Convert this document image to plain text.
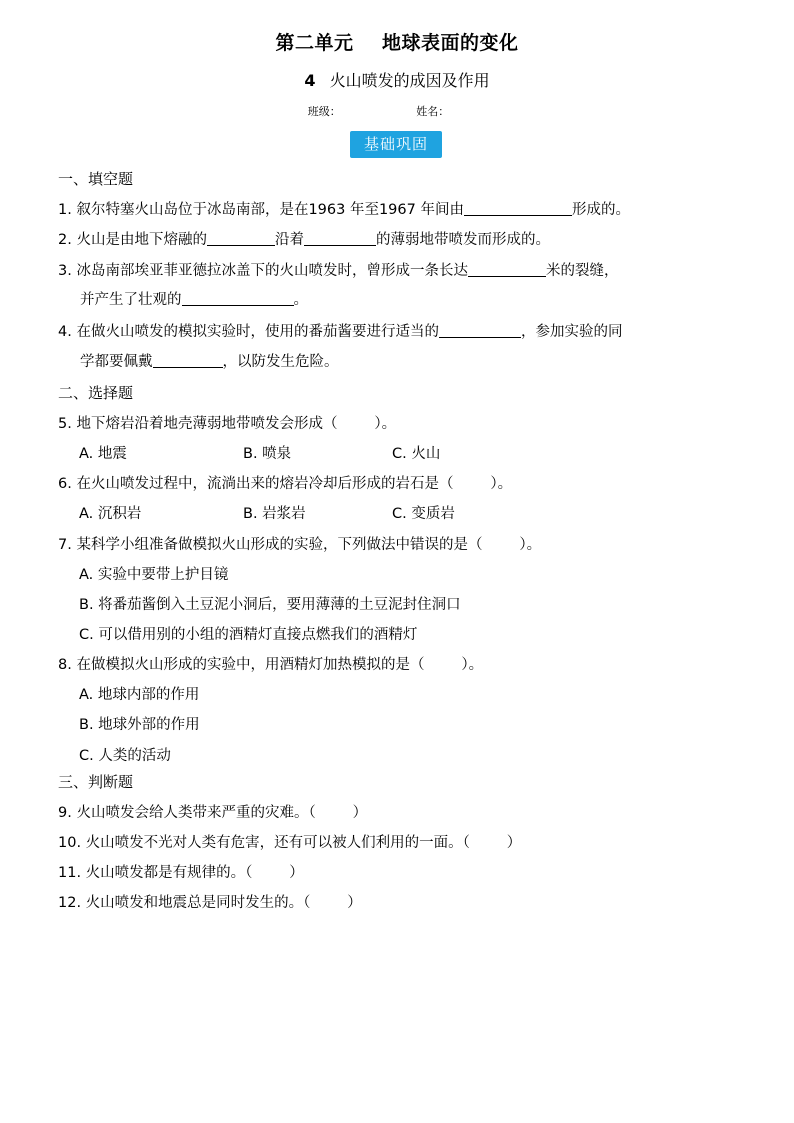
第二单元    地球表面的变化
4 火山喷发的成因及作用
班级：	姓名：
基础巩固
一、填空题
1. 叙尔特塞火山岛位于冰岛南部，是在1963 年至1967 年间由	形成的。
2. 火山是由地下熔融的	沿着	的薄弱地带喷发而形成的。
3. 冰岛南部埃亚菲亚德拉冰盖下的火山喷发时，曾形成一条长达	米的裂缝，
并产生了壮观的	。
4. 在做火山喷发的模拟实验时，使用的番茄酱要进行适当的	，参加实验的同
学都要佩戴	，以防发生危险。
二、选择题
5. 地下熔岩沿着地壳薄弱地带喷发会形成（        ）。
A. 地震	B. 喷泉	C. 火山
6. 在火山喷发过程中，流淌出来的熔岩冷却后形成的岩石是（        ）。
A. 沉积岩	B. 岩浆岩	C. 变质岩
7. 某科学小组准备做模拟火山形成的实验，下列做法中错误的是（        ）。
A. 实验中要带上护目镜
B. 将番茄酱倒入土豆泥小洞后，要用薄薄的土豆泥封住洞口
C. 可以借用别的小组的酒精灯直接点燃我们的酒精灯
8. 在做模拟火山形成的实验中，用酒精灯加热模拟的是（        ）。
A. 地球内部的作用
B. 地球外部的作用
C. 人类的活动
三、判断题
9. 火山喷发会给人类带来严重的灾难。（        ）
10. 火山喷发不光对人类有危害，还有可以被人们利用的一面。（        ）
11. 火山喷发都是有规律的。（        ）
12. 火山喷发和地震总是同时发生的。（        ）
